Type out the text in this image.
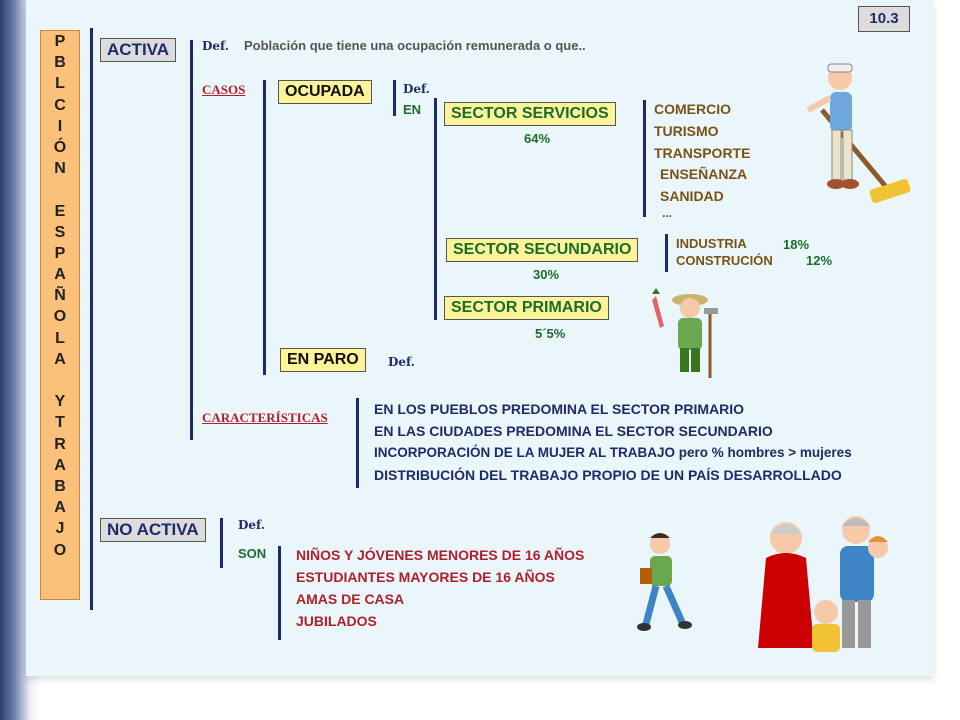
P
B
L
C
I
Ó
N

E
S
P
A
Ñ
O
L
A

Y
T
R
A
B
A
J
O
10.3
ACTIVA	Def. Población que tiene una ocupación remunerada o que..
CASOS	OCUPADA	Def.
EN	SECTOR SERVICIOS
64%
COMERCIO
TURISMO
TRANSPORTE
ENSEÑANZA
SANIDAD
...
SECTOR SECUNDARIO
30%
INDUSTRIA	18%
CONSTRUCIÓN	12%
SECTOR PRIMARIO
5´5%
EN PARO	Def.
CARACTERÍSTICAS
EN LOS PUEBLOS PREDOMINA EL SECTOR PRIMARIO
EN LAS CIUDADES PREDOMINA EL SECTOR SECUNDARIO
INCORPORACIÓN DE LA MUJER AL TRABAJO pero % hombres > mujeres
DISTRIBUCIÓN DEL TRABAJO PROPIO DE UN PAÍS DESARROLLADO
NO ACTIVA	Def.
SON NIÑOS Y JÓVENES MENORES DE 16 AÑOS
ESTUDIANTES MAYORES DE 16 AÑOS
AMAS DE CASA
JUBILADOS
